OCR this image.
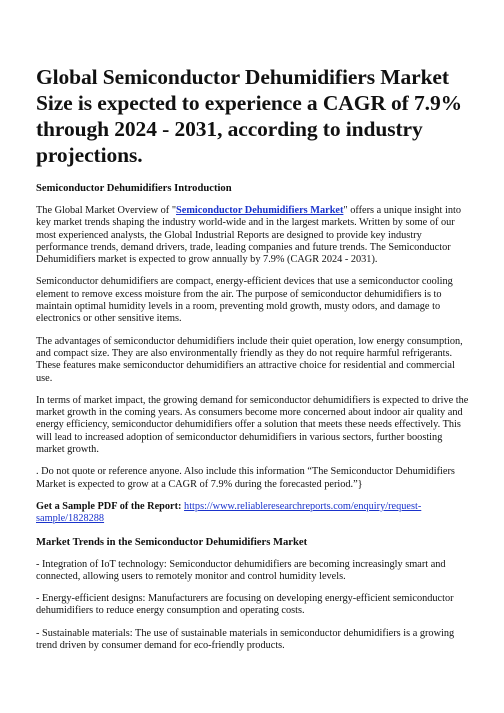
Global Semiconductor Dehumidifiers Market Size is expected to experience a CAGR of 7.9% through 2024 - 2031, according to industry projections.
Semiconductor Dehumidifiers Introduction

The Global Market Overview of "Semiconductor Dehumidifiers Market" offers a unique insight into key market trends shaping the industry world-wide and in the largest markets. Written by some of our most experienced analysts, the Global Industrial Reports are designed to provide key industry performance trends, demand drivers, trade, leading companies and future trends. The Semiconductor Dehumidifiers market is expected to grow annually by 7.9% (CAGR 2024 - 2031).

Semiconductor dehumidifiers are compact, energy-efficient devices that use a semiconductor cooling element to remove excess moisture from the air. The purpose of semiconductor dehumidifiers is to maintain optimal humidity levels in a room, preventing mold growth, musty odors, and damage to electronics or other sensitive items.

The advantages of semiconductor dehumidifiers include their quiet operation, low energy consumption, and compact size. They are also environmentally friendly as they do not require harmful refrigerants. These features make semiconductor dehumidifiers an attractive choice for residential and commercial use.

In terms of market impact, the growing demand for semiconductor dehumidifiers is expected to drive the market growth in the coming years. As consumers become more concerned about indoor air quality and energy efficiency, semiconductor dehumidifiers offer a solution that meets these needs effectively. This will lead to increased adoption of semiconductor dehumidifiers in various sectors, further boosting market growth.

. Do not quote or reference anyone. Also include this information “The Semiconductor Dehumidifiers Market is expected to grow at a CAGR of 7.9% during the forecasted period.”}

Get a Sample PDF of the Report: https://www.reliableresearchreports.com/enquiry/request-sample/1828288

Market Trends in the Semiconductor Dehumidifiers Market

- Integration of IoT technology: Semiconductor dehumidifiers are becoming increasingly smart and connected, allowing users to remotely monitor and control humidity levels.

- Energy-efficient designs: Manufacturers are focusing on developing energy-efficient semiconductor dehumidifiers to reduce energy consumption and operating costs.

- Sustainable materials: The use of sustainable materials in semiconductor dehumidifiers is a growing trend driven by consumer demand for eco-friendly products.
